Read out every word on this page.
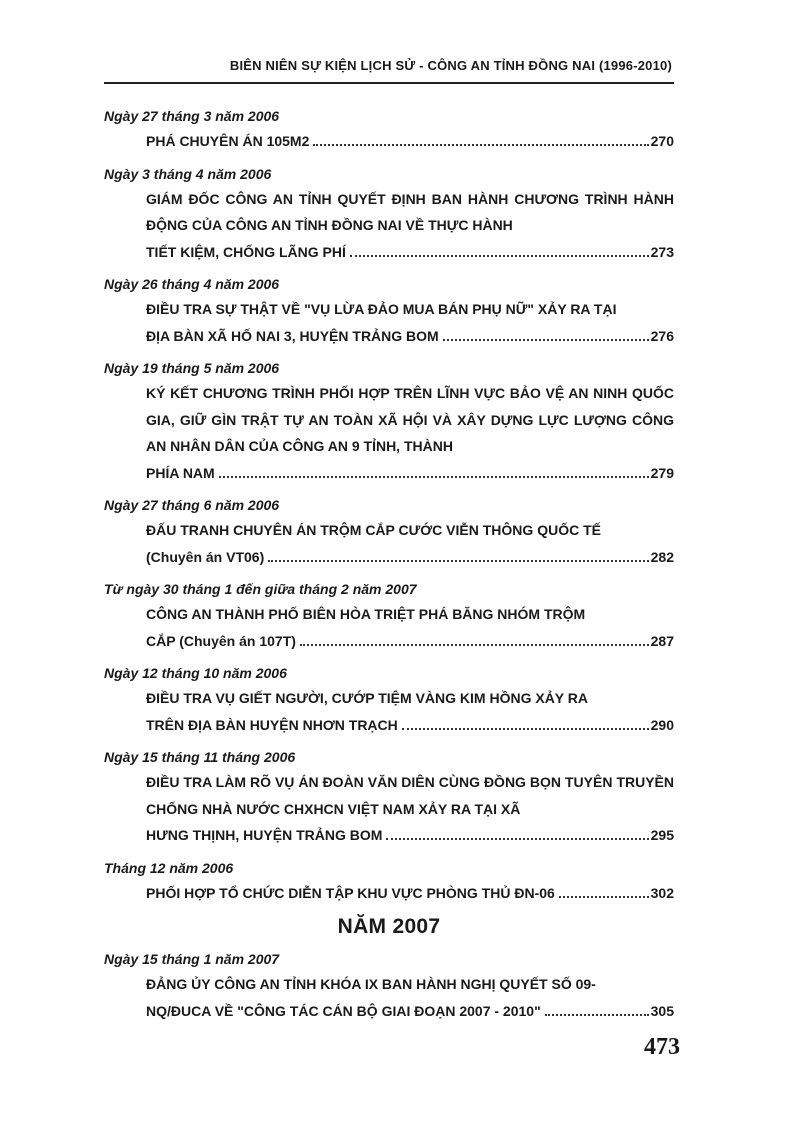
BIÊN NIÊN SỰ KIỆN LỊCH SỬ - CÔNG AN TỈNH ĐỒNG NAI (1996-2010)
Ngày 27 tháng 3 năm 2006
PHÁ CHUYÊN ÁN 105M2	270
Ngày 3 tháng 4 năm 2006
GIÁM ĐỐC CÔNG AN TỈNH QUYẾT ĐỊNH BAN HÀNH CHƯƠNG TRÌNH HÀNH ĐỘNG CỦA CÔNG AN TỈNH ĐỒNG NAI VỀ THỰC HÀNH
TIẾT KIỆM, CHỐNG LÃNG PHÍ	273
Ngày 26 tháng 4 năm 2006
ĐIỀU TRA SỰ THẬT VỀ "VỤ LỪA ĐẢO MUA BÁN PHỤ NỮ" XẢY RA TẠI
ĐỊA BÀN XÃ HỐ NAI 3, HUYỆN TRẢNG BOM	276
Ngày 19 tháng 5 năm 2006
KÝ KẾT CHƯƠNG TRÌNH PHỐI HỢP TRÊN LĨNH VỰC BẢO VỆ AN NINH QUỐC GIA, GIỮ GÌN TRẬT TỰ AN TOÀN XÃ HỘI VÀ XÂY DỰNG LỰC LƯỢNG CÔNG AN NHÂN DÂN CỦA CÔNG AN 9 TỈNH, THÀNH
PHÍA NAM	279
Ngày 27 tháng 6 năm 2006
ĐẤU TRANH CHUYÊN ÁN TRỘM CẮP CƯỚC VIỄN THÔNG QUỐC TẾ
(Chuyên án VT06)	282
Từ ngày 30 tháng 1 đến giữa tháng 2 năm 2007
CÔNG AN THÀNH PHỐ BIÊN HÒA TRIỆT PHÁ BĂNG NHÓM TRỘM
CẮP (Chuyên án 107T)	287
Ngày 12 tháng 10 năm 2006
ĐIỀU TRA VỤ GIẾT NGƯỜI, CƯỚP TIỆM VÀNG KIM HỒNG XẢY RA
TRÊN ĐỊA BÀN HUYỆN NHƠN TRẠCH	290
Ngày 15 tháng 11 tháng 2006
ĐIỀU TRA LÀM RÕ VỤ ÁN ĐOÀN VĂN DIÊN CÙNG ĐỒNG BỌN TUYÊN TRUYỀN CHỐNG NHÀ NƯỚC CHXHCN VIỆT NAM XẢY RA TẠI XÃ
HƯNG THỊNH, HUYỆN TRẢNG BOM	295
Tháng 12 năm 2006
PHỐI HỢP TỔ CHỨC DIỄN TẬP KHU VỰC PHÒNG THỦ ĐN-06	302
NĂM 2007
Ngày 15 tháng 1 năm 2007
ĐẢNG ỦY CÔNG AN TỈNH KHÓA IX BAN HÀNH NGHỊ QUYẾT SỐ 09-
NQ/ĐUCA VỀ "CÔNG TÁC CÁN BỘ GIAI ĐOẠN 2007 - 2010"	305
473
